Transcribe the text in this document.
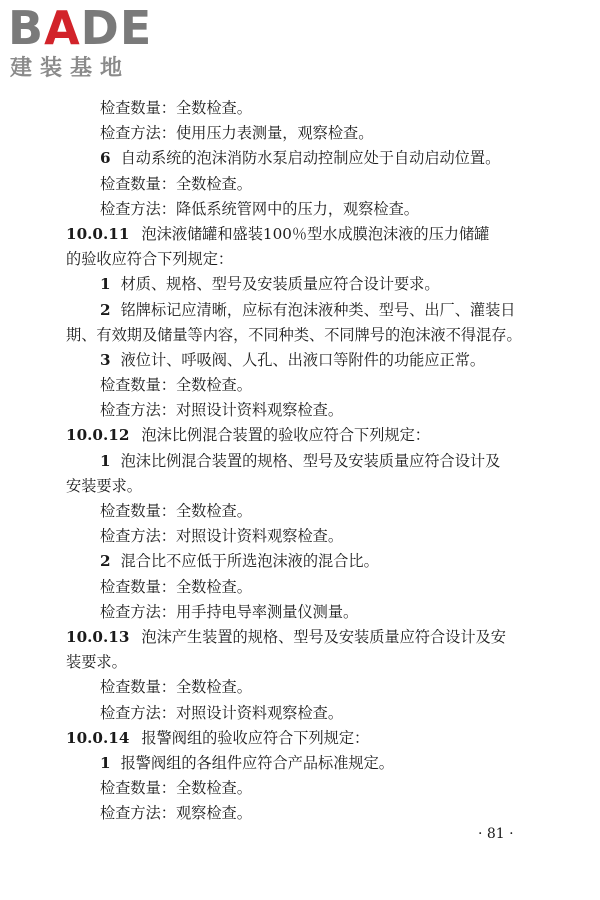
BADE
建装基地
检查数量：全数检查。
检查方法：使用压力表测量，观察检查。
6 自动系统的泡沫消防水泵启动控制应处于自动启动位置。
检查数量：全数检查。
检查方法：降低系统管网中的压力，观察检查。
10.0.11 泡沫液储罐和盛装100％型水成膜泡沫液的压力储罐
的验收应符合下列规定：
1 材质、规格、型号及安装质量应符合设计要求。
2 铭牌标记应清晰，应标有泡沫液种类、型号、出厂、灌装日
期、有效期及储量等内容，不同种类、不同牌号的泡沫液不得混存。
3 液位计、呼吸阀、人孔、出液口等附件的功能应正常。
检查数量：全数检查。
检查方法：对照设计资料观察检查。
10.0.12 泡沫比例混合装置的验收应符合下列规定：
1 泡沫比例混合装置的规格、型号及安装质量应符合设计及
安装要求。
检查数量：全数检查。
检查方法：对照设计资料观察检查。
2 混合比不应低于所选泡沫液的混合比。
检查数量：全数检查。
检查方法：用手持电导率测量仪测量。
10.0.13 泡沫产生装置的规格、型号及安装质量应符合设计及安
装要求。
检查数量：全数检查。
检查方法：对照设计资料观察检查。
10.0.14 报警阀组的验收应符合下列规定：
1 报警阀组的各组件应符合产品标准规定。
检查数量：全数检查。
检查方法：观察检查。
· 81 ·
